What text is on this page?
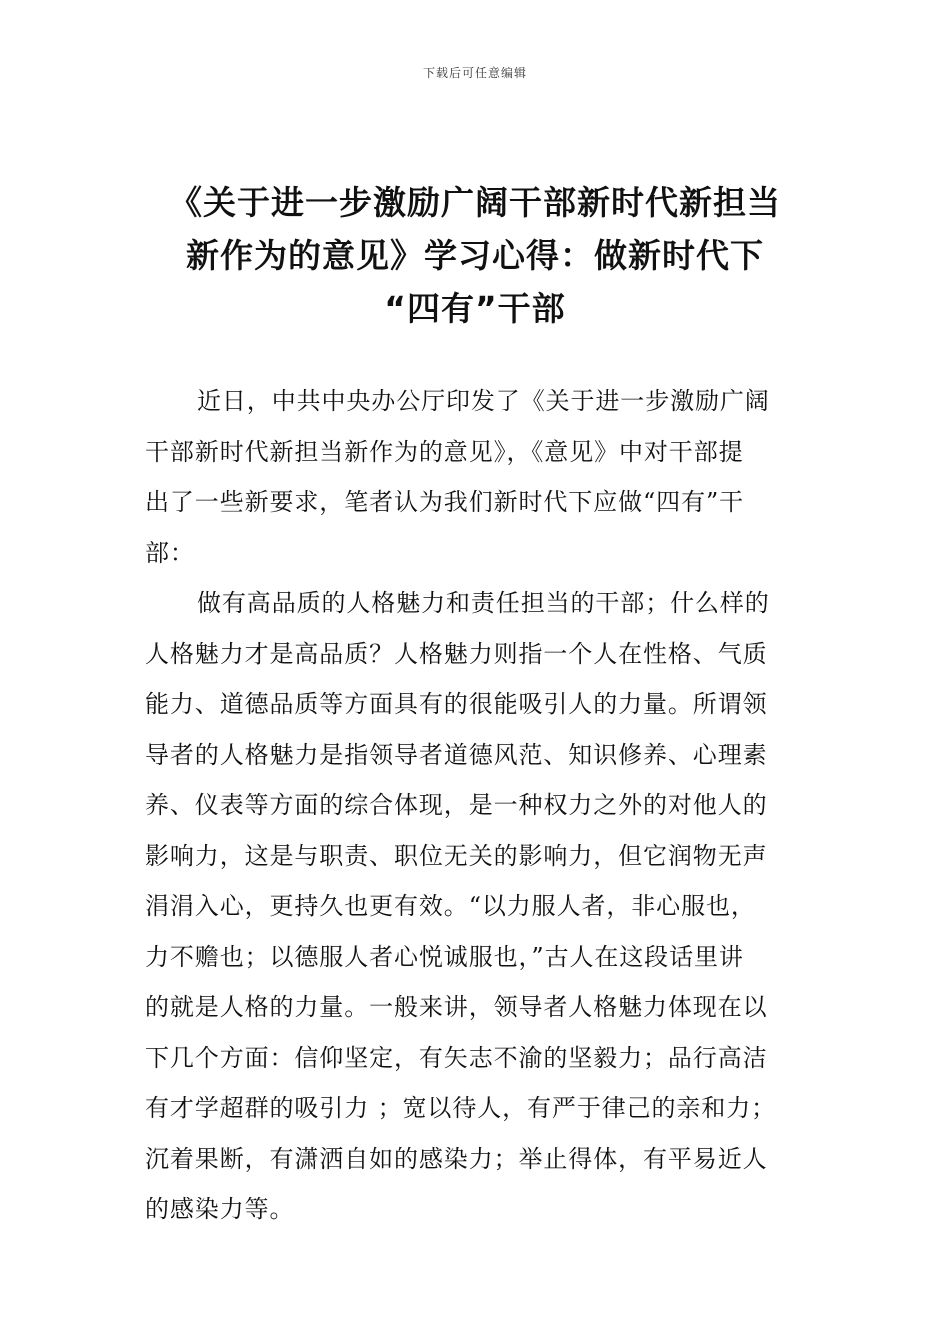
下载后可任意编辑
《关于进一步激励广阔干部新时代新担当
新作为的意见》学习心得：做新时代下
“四有”干部
近日，中共中央办公厅印发了《关于进一步激励广阔
干部新时代新担当新作为的意见》，《意见》中对干部提
出了一些新要求，笔者认为我们新时代下应做“四有”干
部：
做有高品质的人格魅力和责任担当的干部；什么样的
人格魅力才是高品质？人格魅力则指一个人在性格、气质
能力、道德品质等方面具有的很能吸引人的力量。所谓领
导者的人格魅力是指领导者道德风范、知识修养、心理素
养、仪表等方面的综合体现，是一种权力之外的对他人的
影响力，这是与职责、职位无关的影响力，但它润物无声
涓涓入心，更持久也更有效。“以力服人者，非心服也，
力不赡也；以德服人者心悦诚服也，”古人在这段话里讲
的就是人格的力量。一般来讲，领导者人格魅力体现在以
下几个方面：信仰坚定，有矢志不渝的坚毅力；品行高洁
有才学超群的吸引力 ；宽以待人，有严于律己的亲和力；
沉着果断，有潇洒自如的感染力；举止得体，有平易近人
的感染力等。
